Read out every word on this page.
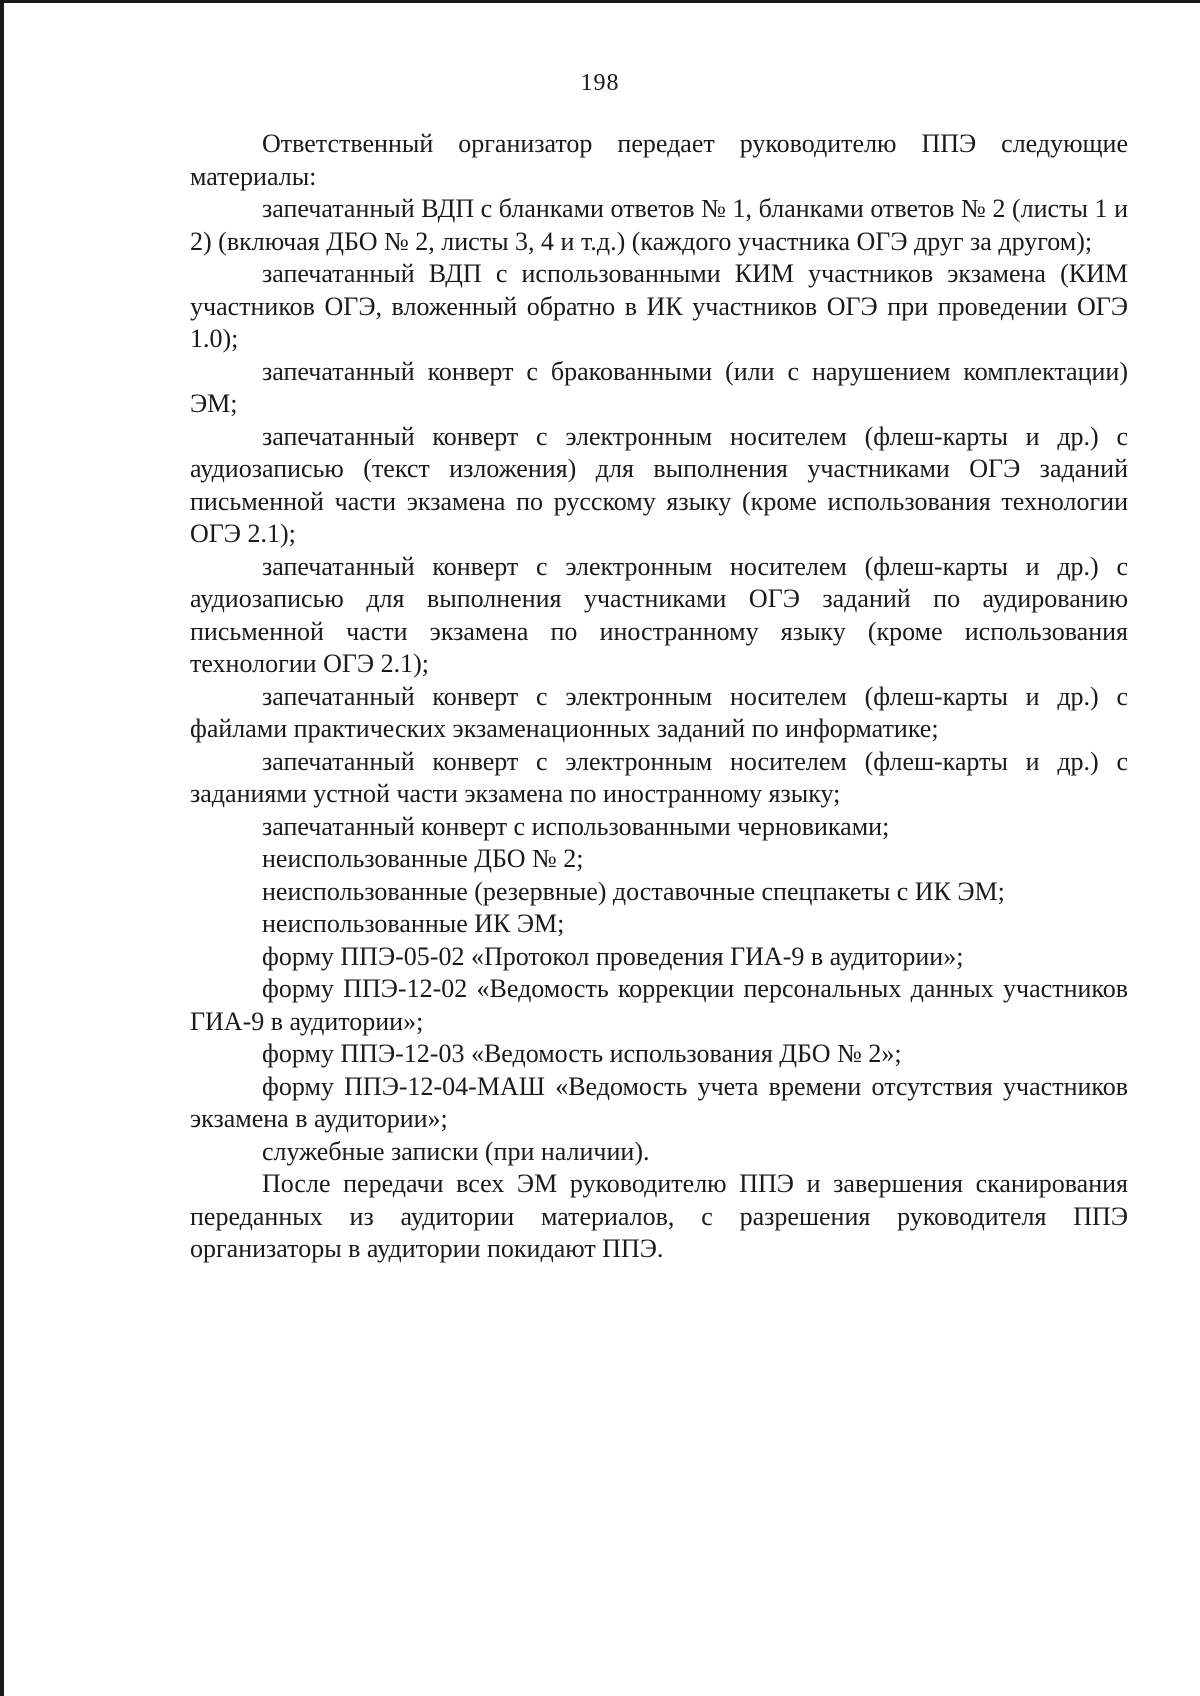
198

Ответственный организатор передает руководителю ППЭ следующие материалы:

запечатанный ВДП с бланками ответов № 1, бланками ответов № 2 (листы 1 и 2) (включая ДБО № 2, листы 3, 4 и т.д.) (каждого участника ОГЭ друг за другом);

запечатанный ВДП с использованными КИМ участников экзамена (КИМ участников ОГЭ, вложенный обратно в ИК участников ОГЭ при проведении ОГЭ 1.0);

запечатанный конверт с бракованными (или с нарушением комплектации) ЭМ;

запечатанный конверт с электронным носителем (флеш-карты и др.) с аудиозаписью (текст изложения) для выполнения участниками ОГЭ заданий письменной части экзамена по русскому языку (кроме использования технологии ОГЭ 2.1);

запечатанный конверт с электронным носителем (флеш-карты и др.) с аудиозаписью для выполнения участниками ОГЭ заданий по аудированию письменной части экзамена по иностранному языку (кроме использования технологии ОГЭ 2.1);

запечатанный конверт с электронным носителем (флеш-карты и др.) с файлами практических экзаменационных заданий по информатике;

запечатанный конверт с электронным носителем (флеш-карты и др.) с заданиями устной части экзамена по иностранному языку;

запечатанный конверт с использованными черновиками;

неиспользованные ДБО № 2;

неиспользованные (резервные) доставочные спецпакеты с ИК ЭМ;

неиспользованные ИК ЭМ;

форму ППЭ-05-02 «Протокол проведения ГИА-9 в аудитории»;

форму ППЭ-12-02 «Ведомость коррекции персональных данных участников ГИА-9 в аудитории»;

форму ППЭ-12-03 «Ведомость использования ДБО № 2»;

форму ППЭ-12-04-МАШ «Ведомость учета времени отсутствия участников экзамена в аудитории»;

служебные записки (при наличии).

После передачи всех ЭМ руководителю ППЭ и завершения сканирования переданных из аудитории материалов, с разрешения руководителя ППЭ организаторы в аудитории покидают ППЭ.
